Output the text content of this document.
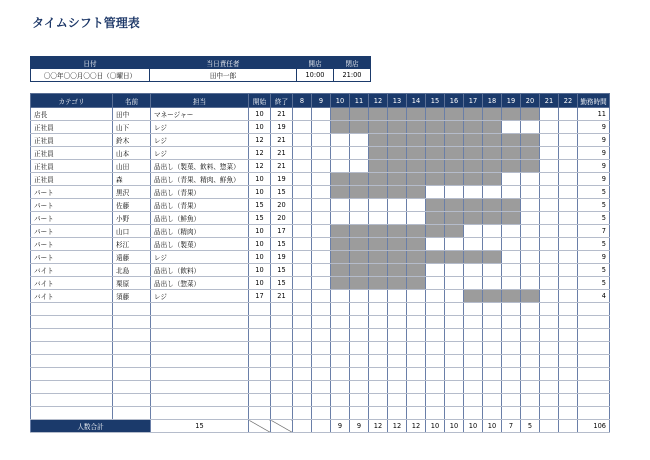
タイムシフト管理表
日付	当日責任者	開店	閉店
〇〇年〇〇月〇〇日（〇曜日）	田中一郎	10:00	21:00
カテゴリ	名前	担当	開始	終了	8	9	10	11	12	13	14	15	16	17	18	19	20	21	22	勤務時間
店長	田中	マネージャー	10	21																11
正社員	山下	レジ	10	19																9
正社員	鈴木	レジ	12	21																9
正社員	山本	レジ	12	21																9
正社員	山田	品出し（製菓、飲料、惣菜）	12	21																9
正社員	森	品出し（青果、精肉、鮮魚）	10	19																9
パート	黒沢	品出し（青果）	10	15																5
パート	佐藤	品出し（青果）	15	20																5
パート	小野	品出し（鮮魚）	15	20																5
パート	山口	品出し（精肉）	10	17																7
パート	杉江	品出し（製菓）	10	15																5
パート	遠藤	レジ	10	19																9
バイト	北島	品出し（飲料）	10	15																5
バイト	栗原	品出し（惣菜）	10	15																5
バイト	須藤	レジ	17	21																4

人数合計		15					9	9	12	12	12	10	10	10	10	7	5			106
